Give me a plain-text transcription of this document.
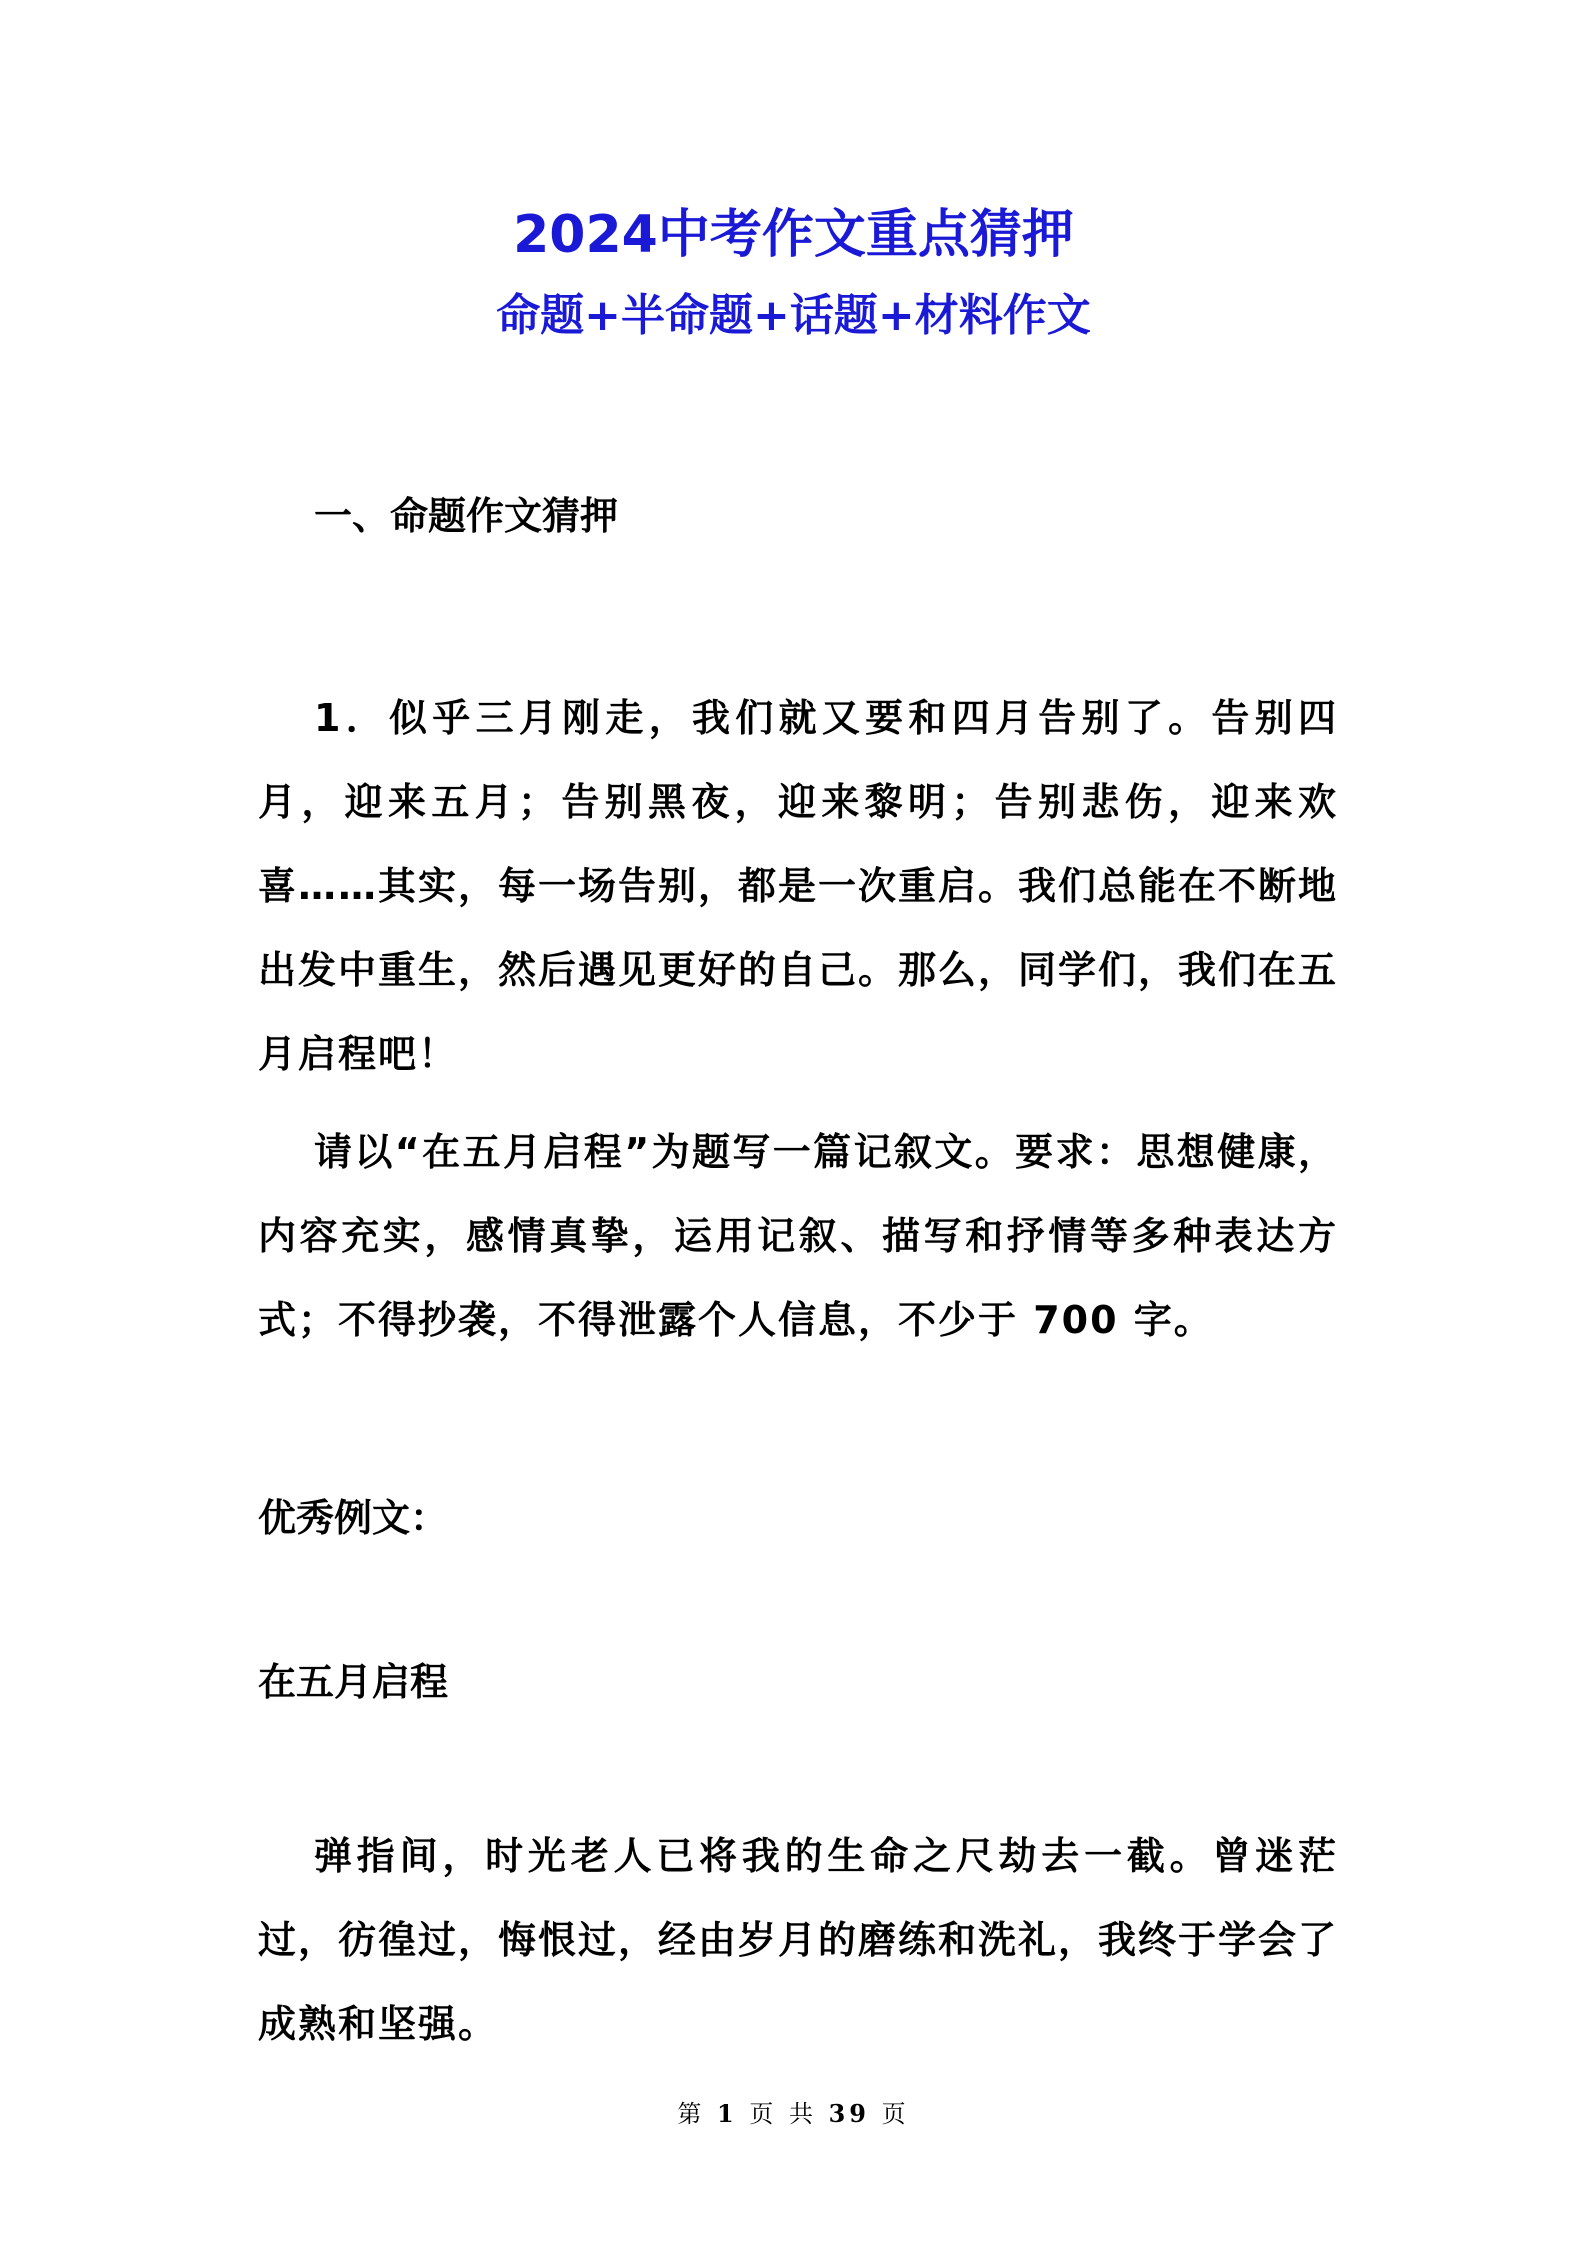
2024中考作文重点猜押
命题+半命题+话题+材料作文
一、命题作文猜押

1．似乎三月刚走，我们就又要和四月告别了。告别四月，迎来五月；告别黑夜，迎来黎明；告别悲伤，迎来欢喜……其实，每一场告别，都是一次重启。我们总能在不断地出发中重生，然后遇见更好的自己。那么，同学们，我们在五月启程吧！

请以“在五月启程”为题写一篇记叙文。要求：思想健康，内容充实，感情真挚，运用记叙、描写和抒情等多种表达方式；不得抄袭，不得泄露个人信息，不少于 700 字。

优秀例文：
在五月启程

弹指间，时光老人已将我的生命之尺劫去一截。曾迷茫过，彷徨过，悔恨过，经由岁月的磨练和洗礼，我终于学会了成熟和坚强。

第 1 页 共 39 页
